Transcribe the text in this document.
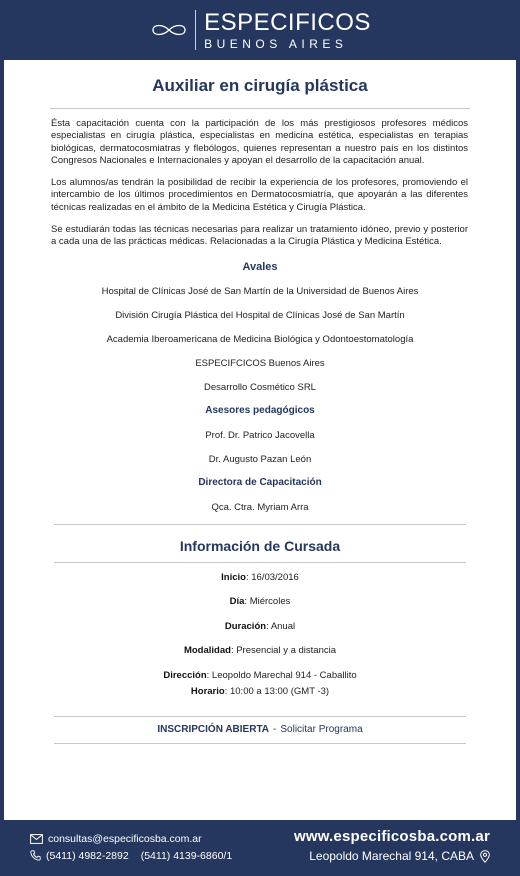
ESPECIFICOS
BUENOS AIRES
Auxiliar en cirugía plástica

Ésta capacitación cuenta con la participación de los más prestigiosos profesores médicos especialistas en cirugía plástica, especialistas en medicina estética, especialistas en terapias biológicas, dermatocosmiatras y flebólogos, quienes representan a nuestro país en los distintos Congresos Nacionales e Internacionales y apoyan el desarrollo de la capacitación anual.

Los alumnos/as tendrán la posibilidad de recibir la experiencia de los profesores, promoviendo el intercambio de los últimos procedimientos en Dermatocosmiatría, que apoyarán a las diferentes técnicas realizadas en el ámbito de la Medicina Estética y Cirugía Plástica.

Se estudiarán todas las técnicas necesarias para realizar un tratamiento idóneo, previo y posterior a cada una de las prácticas médicas. Relacionadas a la Cirugía Plástica y Medicina Estética.

Avales
Hospital de Clínicas José de San Martín de la Universidad de Buenos Aires
División Cirugía Plástica del Hospital de Clínicas José de San Martín
Academia Iberoamericana de Medicina Biológica y Odontoestomatología
ESPECIFCICOS Buenos Aires
Desarrollo Cosmético SRL
Asesores pedagógicos
Prof. Dr. Patrico Jacovella
Dr. Augusto Pazan León
Directora de Capacitación
Qca. Ctra. Myriam Arra
Información de Cursada
Inicio: 16/03/2016
Día: Miércoles
Duración: Anual
Modalidad: Presencial y a distancia
Dirección: Leopoldo Marechal 914 - Caballito
Horario: 10:00 a 13:00 (GMT -3)
INSCRIPCIÓN ABIERTA - Solicitar Programa
consultas@especificosba.com.ar
(5411) 4982-2892 (5411) 4139-6860/1
www.especificosba.com.ar
Leopoldo Marechal 914, CABA
